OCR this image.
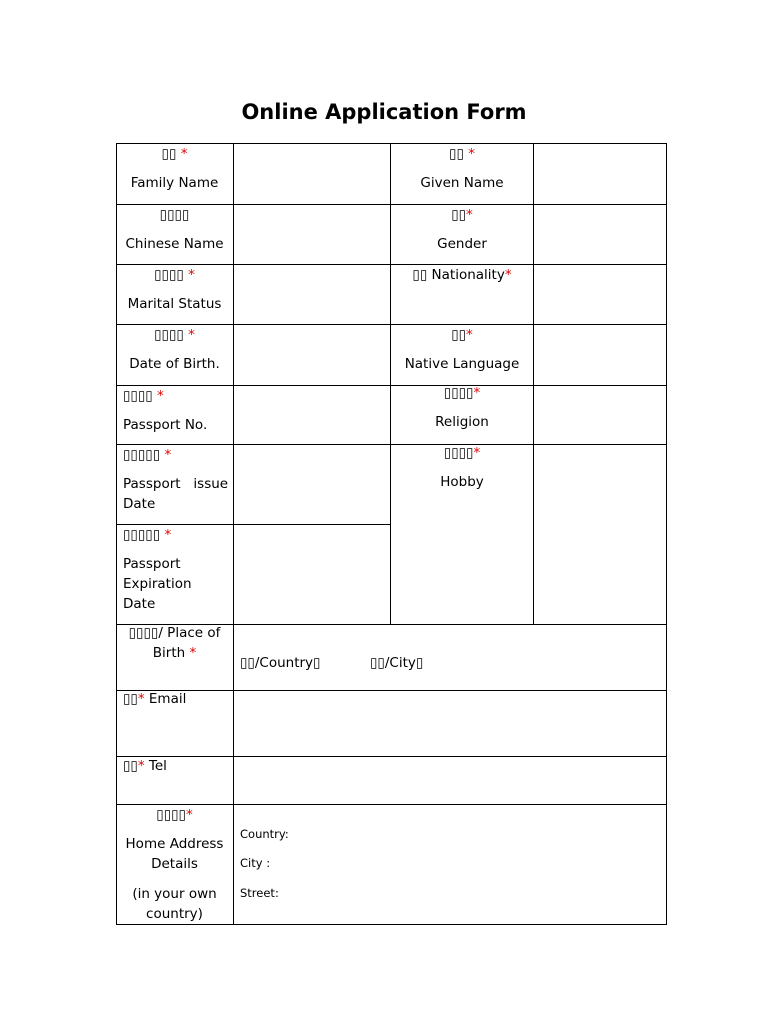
Online Application Form
▯▯ *
Family Name
▯▯ *
Given Name
▯▯▯▯
Chinese Name
▯▯*
Gender
▯▯▯▯ *
Marital Status
▯▯ Nationality*
▯▯▯▯ *
Date of Birth.
▯▯*
Native Language
▯▯▯▯ *
Passport No.
▯▯▯▯*
Religion
▯▯▯▯▯ *
Passport   issue Date
▯▯▯▯*
Hobby
▯▯▯▯▯ *
Passport Expiration Date
▯▯▯▯/ Place of
Birth *
▯▯/Country▯	▯▯/City▯
▯▯* Email
▯▯* Tel
▯▯▯▯*
Home Address Details
(in your own country)
Country:
City :
Street:
